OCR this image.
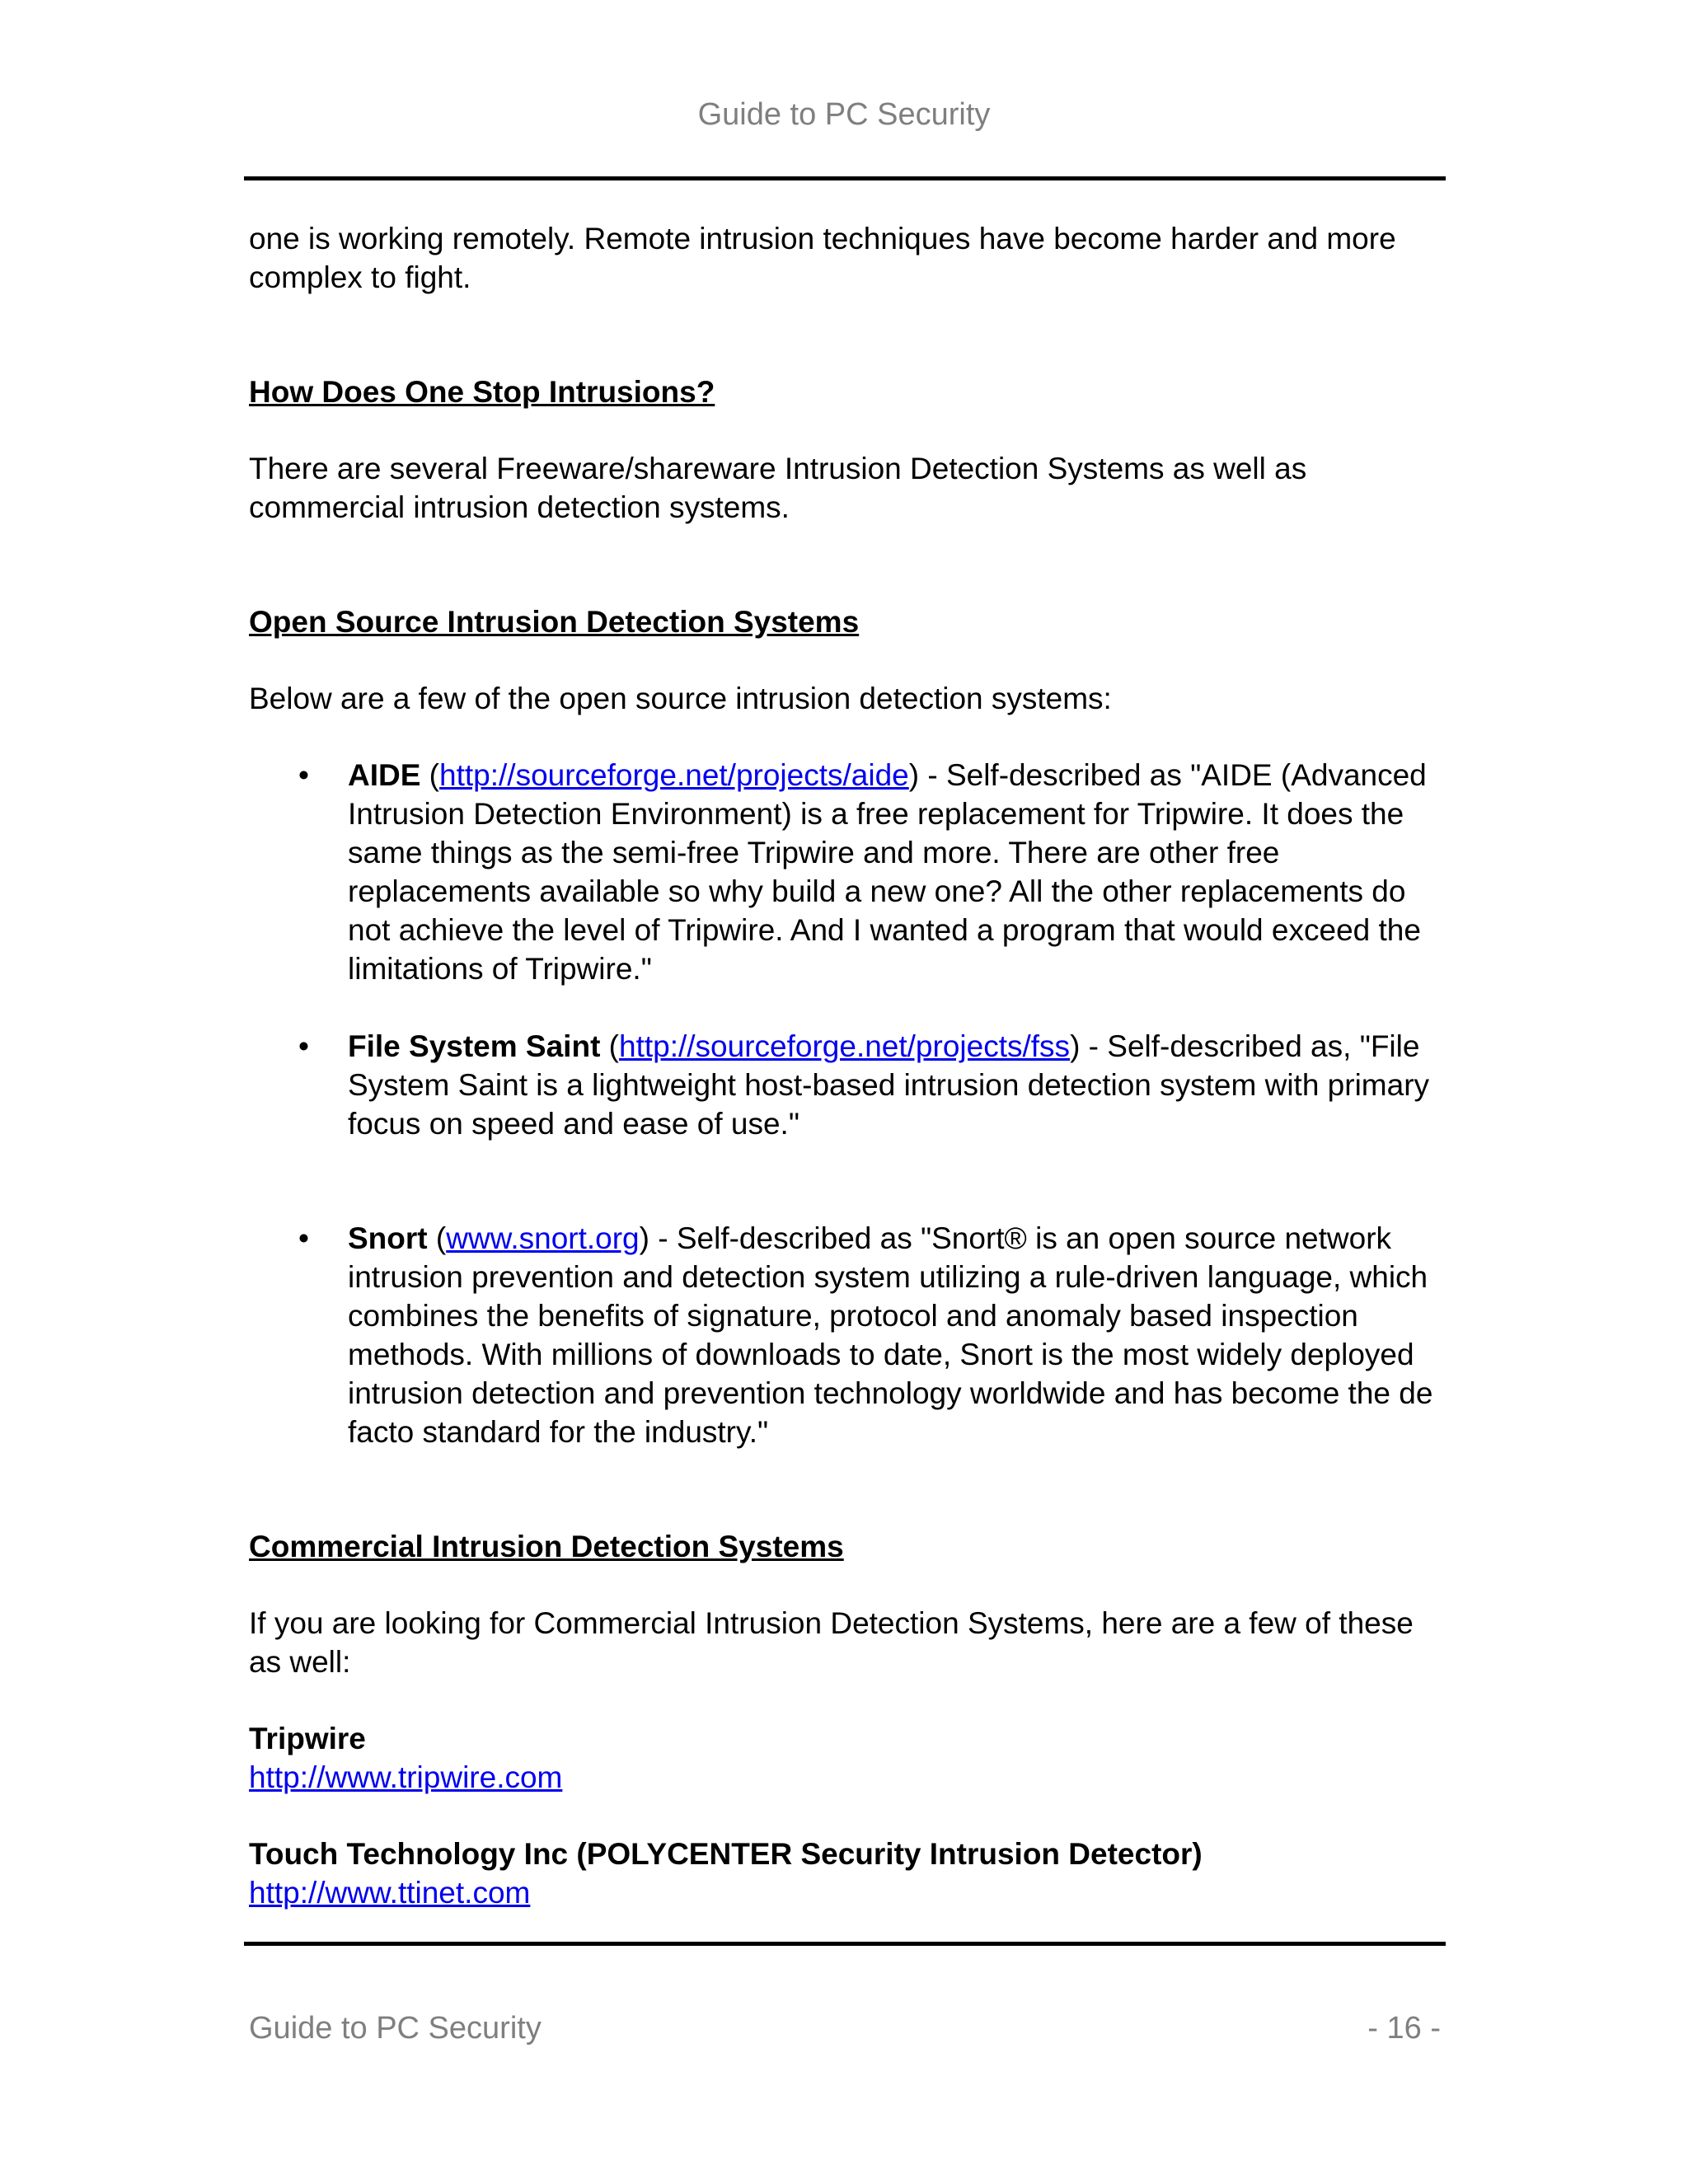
Guide to PC Security

one is working remotely. Remote intrusion techniques have become harder and more complex to fight.

How Does One Stop Intrusions?

There are several Freeware/shareware Intrusion Detection Systems as well as commercial intrusion detection systems.

Open Source Intrusion Detection Systems

Below are a few of the open source intrusion detection systems:

• AIDE (http://sourceforge.net/projects/aide) - Self-described as "AIDE (Advanced Intrusion Detection Environment) is a free replacement for Tripwire. It does the same things as the semi-free Tripwire and more. There are other free replacements available so why build a new one? All the other replacements do not achieve the level of Tripwire. And I wanted a program that would exceed the limitations of Tripwire."
• File System Saint (http://sourceforge.net/projects/fss) - Self-described as, "File System Saint is a lightweight host-based intrusion detection system with primary focus on speed and ease of use."
• Snort (www.snort.org) - Self-described as "Snort® is an open source network intrusion prevention and detection system utilizing a rule-driven language, which combines the benefits of signature, protocol and anomaly based inspection methods. With millions of downloads to date, Snort is the most widely deployed intrusion detection and prevention technology worldwide and has become the de facto standard for the industry."

Commercial Intrusion Detection Systems

If you are looking for Commercial Intrusion Detection Systems, here are a few of these as well:

Tripwire

http://www.tripwire.com

Touch Technology Inc (POLYCENTER Security Intrusion Detector)

http://www.ttinet.com

Guide to PC Security	- 16 -
